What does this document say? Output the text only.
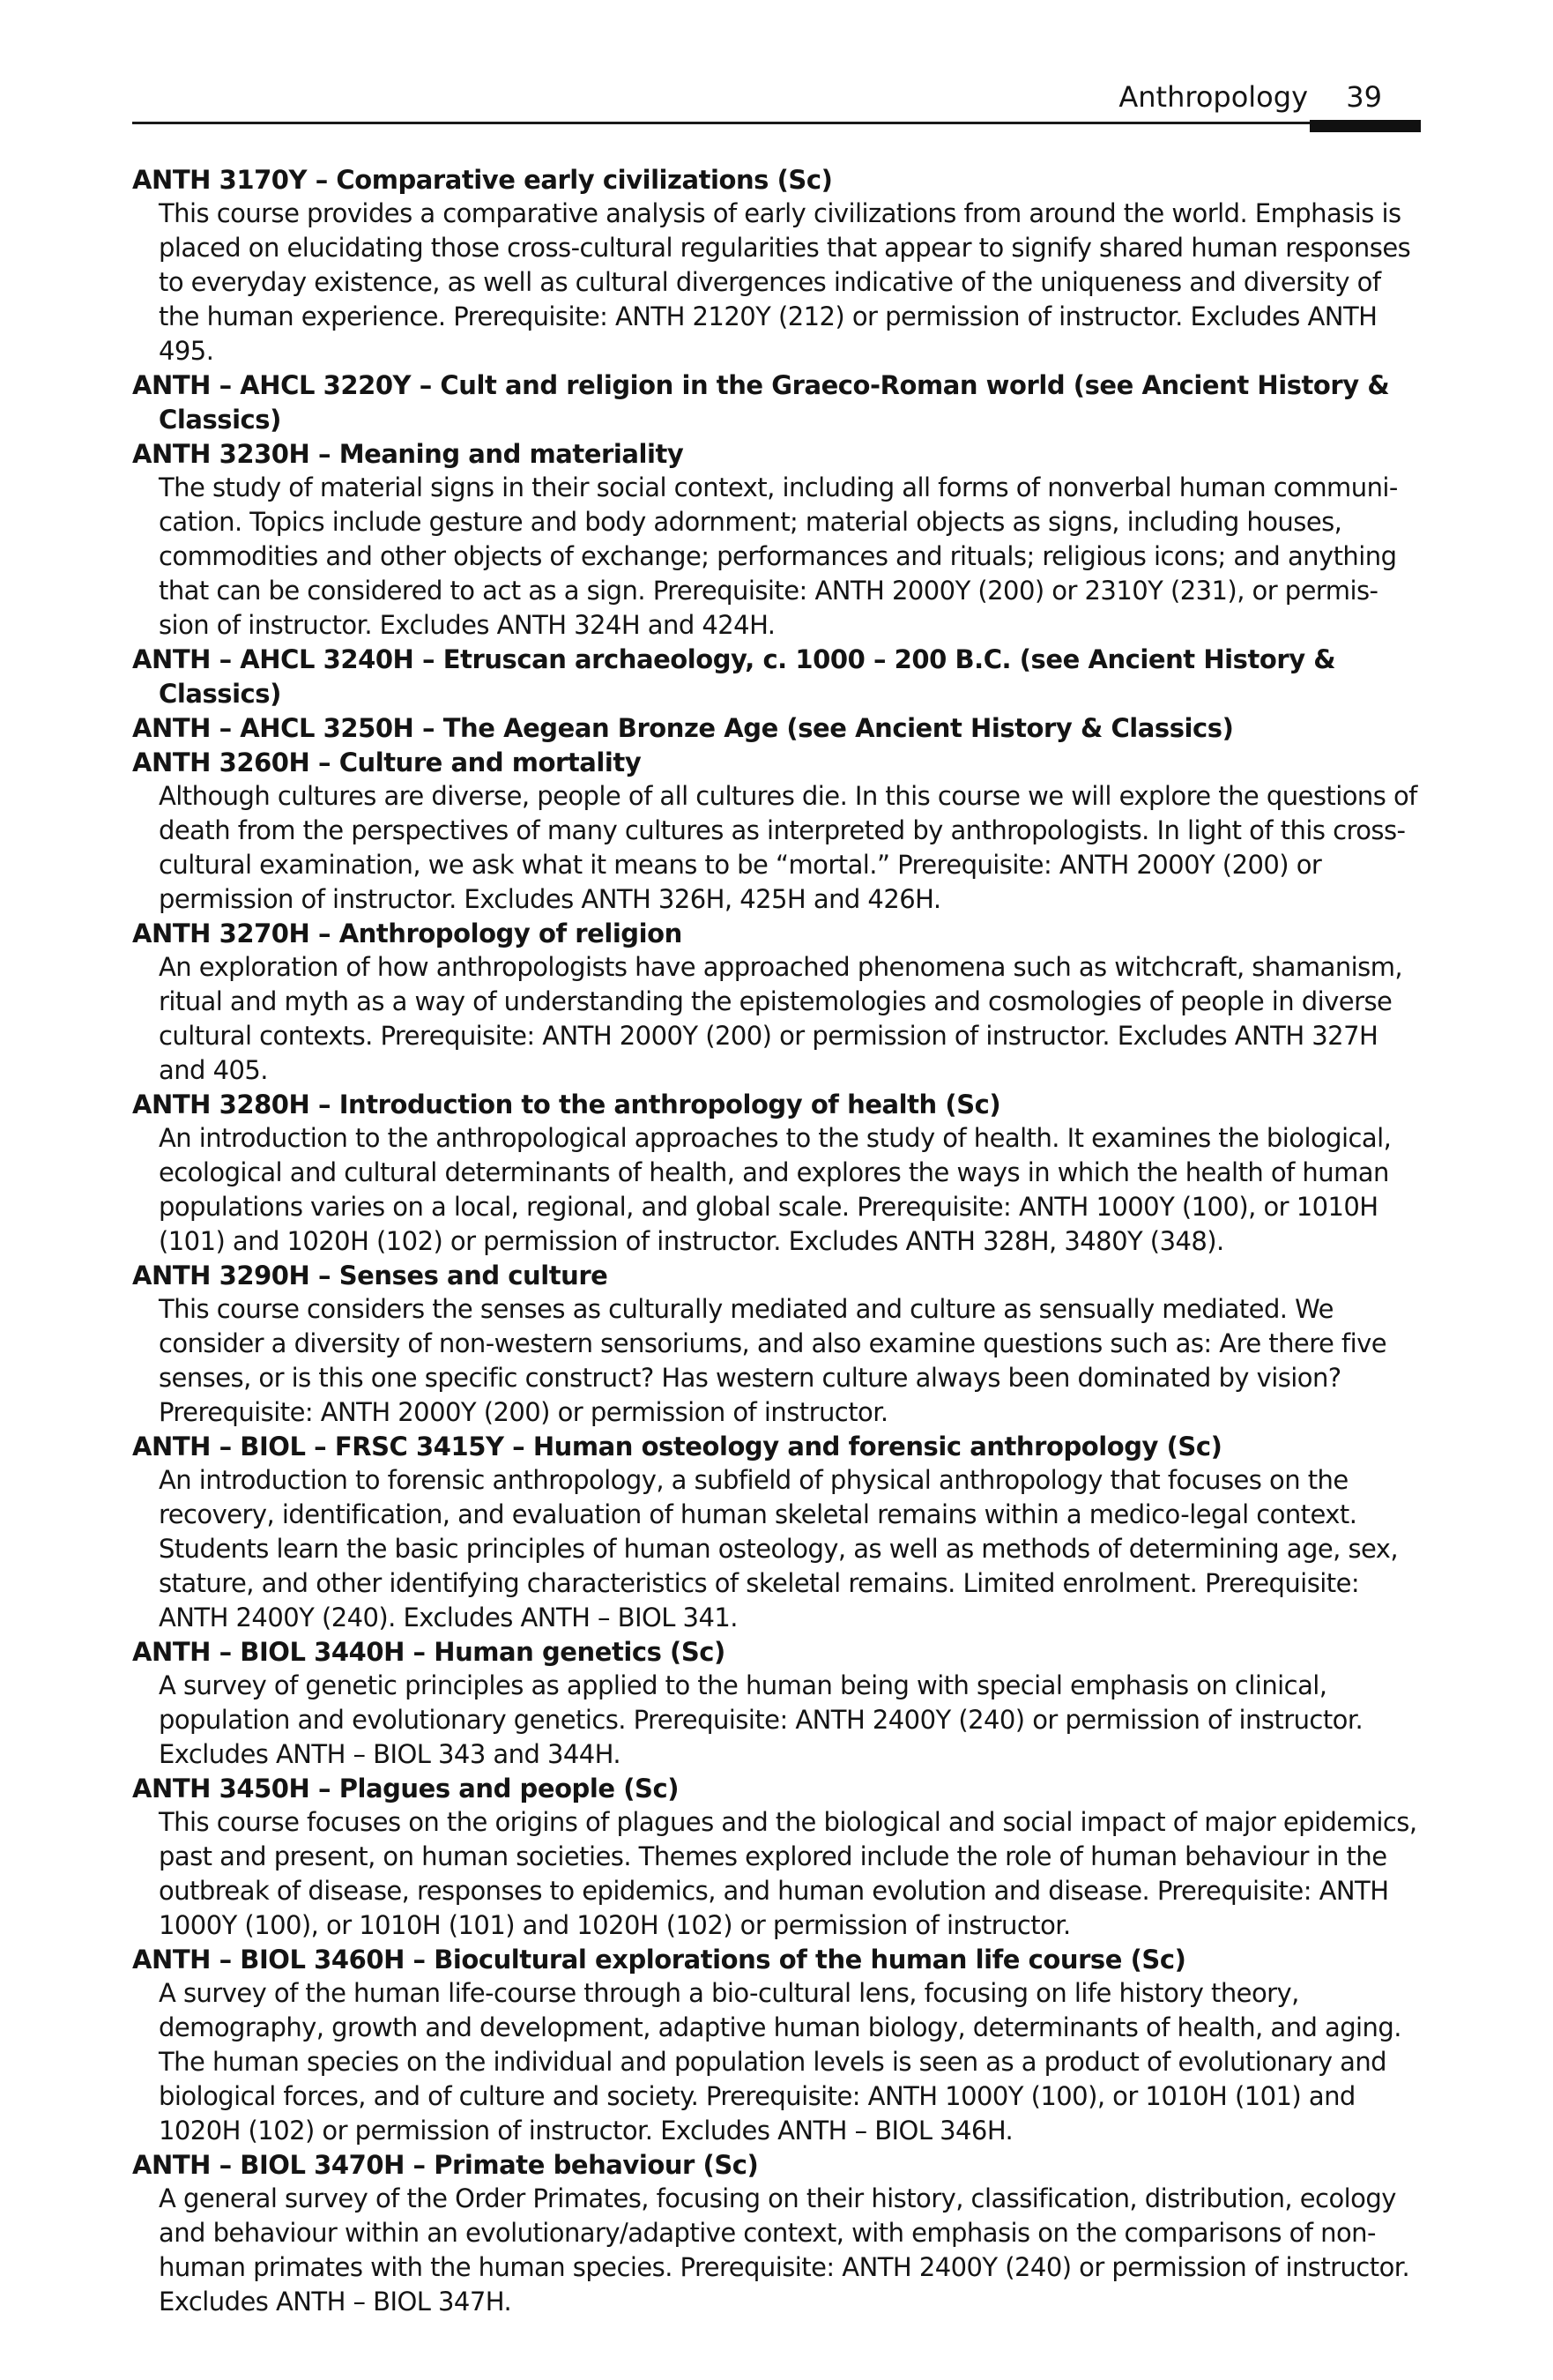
Anthropology 39
ANTH 3170Y – Comparative early civilizations (Sc)
This course provides a comparative analysis of early civilizations from around the world. Emphasis is placed on elucidating those cross-cultural regularities that appear to signify shared human responses to everyday existence, as well as cultural divergences indicative of the uniqueness and diversity of the human experience. Prerequisite: ANTH 2120Y (212) or permission of instructor. Excludes ANTH 495.
ANTH – AHCL 3220Y – Cult and religion in the Graeco-Roman world (see Ancient History & Classics)
ANTH 3230H – Meaning and materiality
The study of material signs in their social context, including all forms of nonverbal human communi-cation. Topics include gesture and body adornment; material objects as signs, including houses, commodities and other objects of exchange; performances and rituals; religious icons; and anything that can be considered to act as a sign. Prerequisite: ANTH 2000Y (200) or 2310Y (231), or permis-sion of instructor. Excludes ANTH 324H and 424H.
ANTH – AHCL 3240H – Etruscan archaeology, c. 1000 – 200 B.C. (see Ancient History & Classics)
ANTH – AHCL 3250H – The Aegean Bronze Age (see Ancient History & Classics)
ANTH 3260H – Culture and mortality
Although cultures are diverse, people of all cultures die. In this course we will explore the questions of death from the perspectives of many cultures as interpreted by anthropologists. In light of this cross-cultural examination, we ask what it means to be “mortal.” Prerequisite: ANTH 2000Y (200) or permission of instructor. Excludes ANTH 326H, 425H and 426H.
ANTH 3270H – Anthropology of religion
An exploration of how anthropologists have approached phenomena such as witchcraft, shamanism, ritual and myth as a way of understanding the epistemologies and cosmologies of people in diverse cultural contexts. Prerequisite: ANTH 2000Y (200) or permission of instructor. Excludes ANTH 327H and 405.
ANTH 3280H – Introduction to the anthropology of health (Sc)
An introduction to the anthropological approaches to the study of health. It examines the biological, ecological and cultural determinants of health, and explores the ways in which the health of human populations varies on a local, regional, and global scale. Prerequisite: ANTH 1000Y (100), or 1010H (101) and 1020H (102) or permission of instructor. Excludes ANTH 328H, 3480Y (348).
ANTH 3290H – Senses and culture
This course considers the senses as culturally mediated and culture as sensually mediated. We consider a diversity of non-western sensoriums, and also examine questions such as: Are there five senses, or is this one specific construct? Has western culture always been dominated by vision? Prerequisite: ANTH 2000Y (200) or permission of instructor.
ANTH – BIOL – FRSC 3415Y – Human osteology and forensic anthropology (Sc)
An introduction to forensic anthropology, a subfield of physical anthropology that focuses on the recovery, identification, and evaluation of human skeletal remains within a medico-legal context. Students learn the basic principles of human osteology, as well as methods of determining age, sex, stature, and other identifying characteristics of skeletal remains. Limited enrolment. Prerequisite: ANTH 2400Y (240). Excludes ANTH – BIOL 341.
ANTH – BIOL 3440H – Human genetics (Sc)
A survey of genetic principles as applied to the human being with special emphasis on clinical, population and evolutionary genetics. Prerequisite: ANTH 2400Y (240) or permission of instructor. Excludes ANTH – BIOL 343 and 344H.
ANTH 3450H – Plagues and people (Sc)
This course focuses on the origins of plagues and the biological and social impact of major epidemics, past and present, on human societies. Themes explored include the role of human behaviour in the outbreak of disease, responses to epidemics, and human evolution and disease. Prerequisite: ANTH 1000Y (100), or 1010H (101) and 1020H (102) or permission of instructor.
ANTH – BIOL 3460H – Biocultural explorations of the human life course (Sc)
A survey of the human life-course through a bio-cultural lens, focusing on life history theory, demography, growth and development, adaptive human biology, determinants of health, and aging. The human species on the individual and population levels is seen as a product of evolutionary and biological forces, and of culture and society. Prerequisite: ANTH 1000Y (100), or 1010H (101) and 1020H (102) or permission of instructor. Excludes ANTH – BIOL 346H.
ANTH – BIOL 3470H – Primate behaviour (Sc)
A general survey of the Order Primates, focusing on their history, classification, distribution, ecology and behaviour within an evolutionary/adaptive context, with emphasis on the comparisons of non-human primates with the human species. Prerequisite: ANTH 2400Y (240) or permission of instructor. Excludes ANTH – BIOL 347H.
